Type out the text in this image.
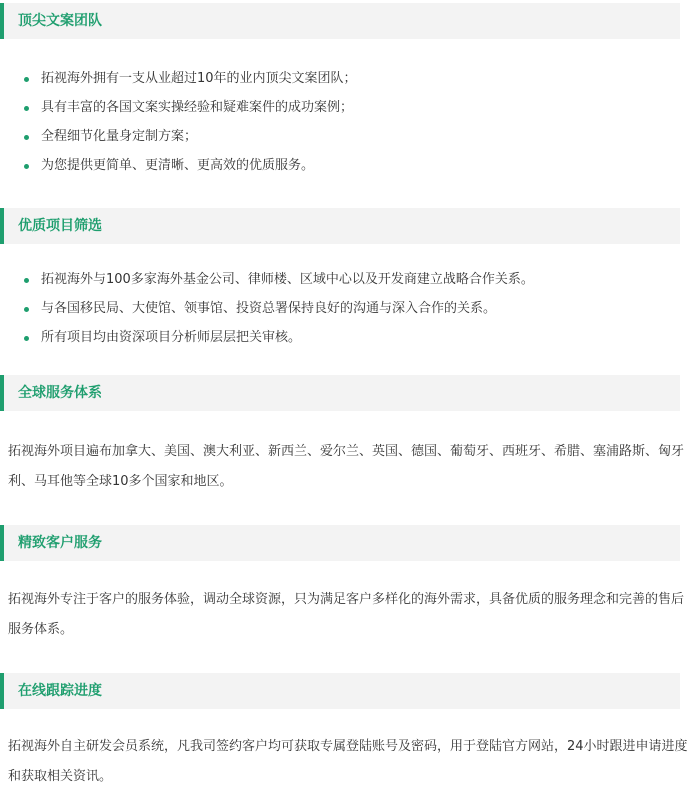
顶尖文案团队
拓视海外拥有一支从业超过10年的业内顶尖文案团队；
具有丰富的各国文案实操经验和疑难案件的成功案例；
全程细节化量身定制方案；
为您提供更简单、更清晰、更高效的优质服务。
优质项目筛选
拓视海外与100多家海外基金公司、律师楼、区域中心以及开发商建立战略合作关系。
与各国移民局、大使馆、领事馆、投资总署保持良好的沟通与深入合作的关系。
所有项目均由资深项目分析师层层把关审核。
全球服务体系

拓视海外项目遍布加拿大、美国、澳大利亚、新西兰、爱尔兰、英国、德国、葡萄牙、西班牙、希腊、塞浦路斯、匈牙利、马耳他等全球10多个国家和地区。

精致客户服务

拓视海外专注于客户的服务体验，调动全球资源，只为满足客户多样化的海外需求，具备优质的服务理念和完善的售后服务体系。

在线跟踪进度

拓视海外自主研发会员系统，凡我司签约客户均可获取专属登陆账号及密码，用于登陆官方网站，24小时跟进申请进度和获取相关资讯。
